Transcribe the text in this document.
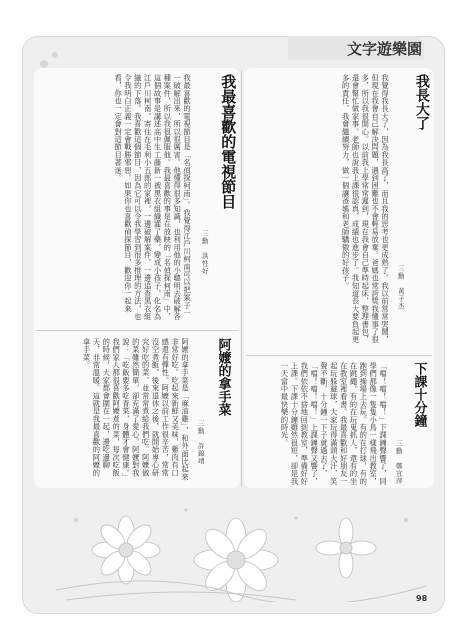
文字遊樂園
我最喜歡的電視節目
三勳　洪性好
我最喜歡的電視節目是「名偵探柯南」。我覺得江戶川柯南可以把案子一一破解出來，所以很厲害。他懂得很多知識，也利用他的小聰明去破解各種案件，所以我很佩服他。我最喜歡的事是在放映的「名偵探柯南」中，這個故事是講述高中生工藤新一被黑衣組織灌了藥，變成小孩子，化名為江戶川柯南，寄住在毛利小五郎的家裡，一邊破解案件，一邊追查黑衣組織的下落。我喜歡這個節目，因為它可以令我學習到很多推理的方法，也令我明白正義一定會戰勝邪惡。如果你也喜歡偵探節目，歡迎你一起來看，你也一定會對這節目著迷。
阿嬤的拿手菜
三勳　許錦靖
阿嬤的拿手菜是「麻油雞」，和外面比起來非常好吃。吃起來新鮮又美味，雞肉有口感還有彈性。阿嬤以前工作很辛苦，常常沒空煮飯，後來退休之後，就開始專心研究好吃的菜，並常常煮給我們吃。阿嬤做的菜雖然簡單，卻充滿了愛心。阿嬤對我說：「吃飯要多吃青菜，身體才會健康。」我們家人都很喜歡阿嬤煮的菜，每次吃飯的時候，大家都會圍在一起，邊吃邊聊天，非常溫暖。這就是我最喜歡的阿嬤的拿手菜。
我長大了
三勳　黃子杰
我覺得我長大了，因為我長高了，而且我的思考也更成熟了。我以前常常哭鬧，但現在我會自己解決問題，遇到困難也不會輕易放棄。爸媽也常誇獎我懂事了很多，所以我很開心。以前我上學常常遲到，現在我會自己準時起床，整理書包，還會幫忙做家事。老師也說我上課很認真，成績也進步了。我知道長大要負起更多的責任，我會繼續努力，做一個讓爸媽和老師驕傲的好孩子。
下課十分鐘
三勳　鄭宜萍
「噹！噹！噹！」下課鐘聲響了，同學們都像一隻隻小鳥一樣飛出教室，跑到操場上去玩。有的在打球，有的在跳繩，有的在玩鬼抓人，還有的坐在教室裡看書。我最喜歡和好朋友一起玩躲避球，大家玩得滿頭大汗，笑聲不斷。十分鐘一下子就過去了，「噹！噹！噹！」上課鐘聲又響了，我們依依不捨地回到教室，準備好好上課。下課十分鐘雖然很短，卻是我一天當中最快樂的時光。
98
